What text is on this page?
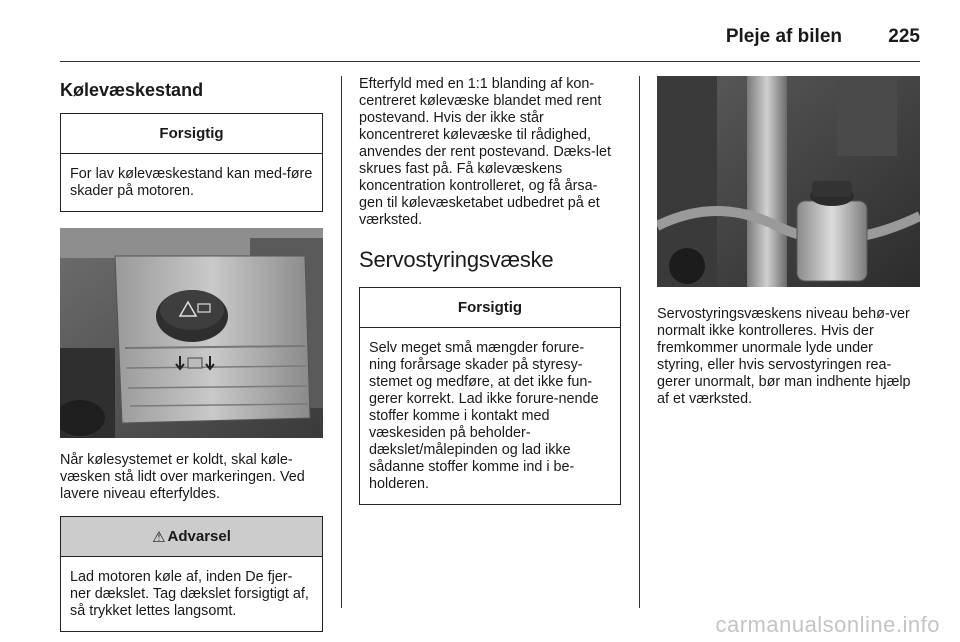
Pleje af bilen 225
Kølevæskestand
Forsigtig
For lav kølevæskestand kan med-føre skader på motoren.
Når kølesystemet er koldt, skal køle-væsken stå lidt over markeringen. Ved lavere niveau efterfyldes.
⚠ Advarsel
Lad motoren køle af, inden De fjer-ner dækslet. Tag dækslet forsigtigt af, så trykket lettes langsomt.
Efterfyld med en 1:1 blanding af kon-centreret kølevæske blandet med rent postevand. Hvis der ikke står koncentreret kølevæske til rådighed, anvendes der rent postevand. Dæks-let skrues fast på. Få kølevæskens koncentration kontrolleret, og få årsa-gen til kølevæsketabet udbedret på et værksted.
Servostyringsvæske
Forsigtig
Selv meget små mængder forure-ning forårsage skader på styresy-stemet og medføre, at det ikke fun-gerer korrekt. Lad ikke forure-nende stoffer komme i kontakt med væskesiden på beholder-dækslet/målepinden og lad ikke sådanne stoffer komme ind i be-holderen.
Servostyringsvæskens niveau behø-ver normalt ikke kontrolleres. Hvis der fremkommer unormale lyde under styring, eller hvis servostyringen rea-gerer unormalt, bør man indhente hjælp af et værksted.
carmanualsonline.info
